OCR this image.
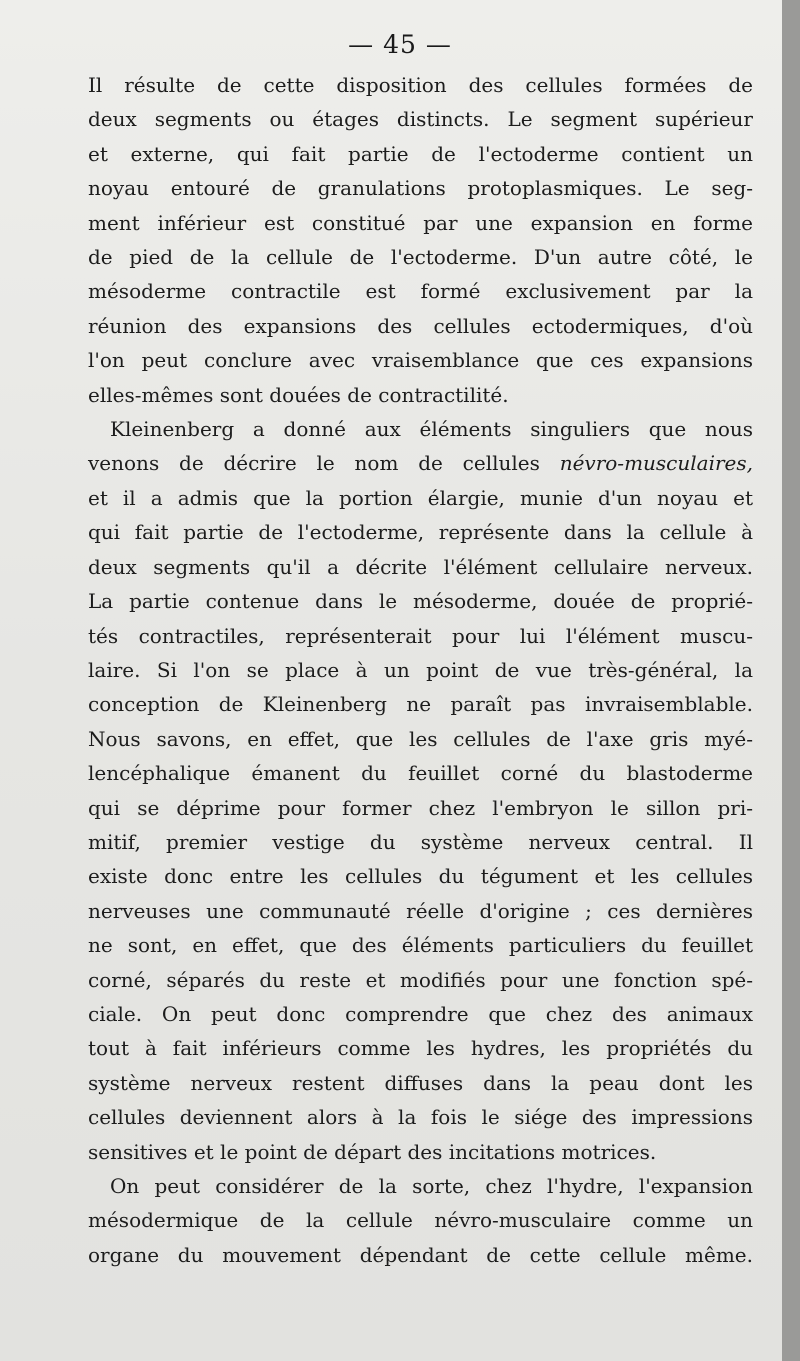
— 45 —

Il résulte de cette disposition des cellules formées de
deux segments ou étages distincts. Le segment supérieur
et externe, qui fait partie de l'ectoderme contient un
noyau entouré de granulations protoplasmiques. Le seg-
ment inférieur est constitué par une expansion en forme
de pied de la cellule de l'ectoderme. D'un autre côté, le
mésoderme contractile est formé exclusivement par la
réunion des expansions des cellules ectodermiques, d'où
l'on peut conclure avec vraisemblance que ces expansions
elles-mêmes sont douées de contractilité.

Kleinenberg a donné aux éléments singuliers que nous
venons de décrire le nom de cellules névro-musculaires,
et il a admis que la portion élargie, munie d'un noyau et
qui fait partie de l'ectoderme, représente dans la cellule à
deux segments qu'il a décrite l'élément cellulaire nerveux.
La partie contenue dans le mésoderme, douée de proprié-
tés contractiles, représenterait pour lui l'élément muscu-
laire. Si l'on se place à un point de vue très-général, la
conception de Kleinenberg ne paraît pas invraisemblable.
Nous savons, en effet, que les cellules de l'axe gris myé-
lencéphalique émanent du feuillet corné du blastoderme
qui se déprime pour former chez l'embryon le sillon pri-
mitif, premier vestige du système nerveux central. Il
existe donc entre les cellules du tégument et les cellules
nerveuses une communauté réelle d'origine ; ces dernières
ne sont, en effet, que des éléments particuliers du feuillet
corné, séparés du reste et modifiés pour une fonction spé-
ciale. On peut donc comprendre que chez des animaux
tout à fait inférieurs comme les hydres, les propriétés du
système nerveux restent diffuses dans la peau dont les
cellules deviennent alors à la fois le siége des impressions
sensitives et le point de départ des incitations motrices.

On peut considérer de la sorte, chez l'hydre, l'expansion
mésodermique de la cellule névro-musculaire comme un
organe du mouvement dépendant de cette cellule même.
